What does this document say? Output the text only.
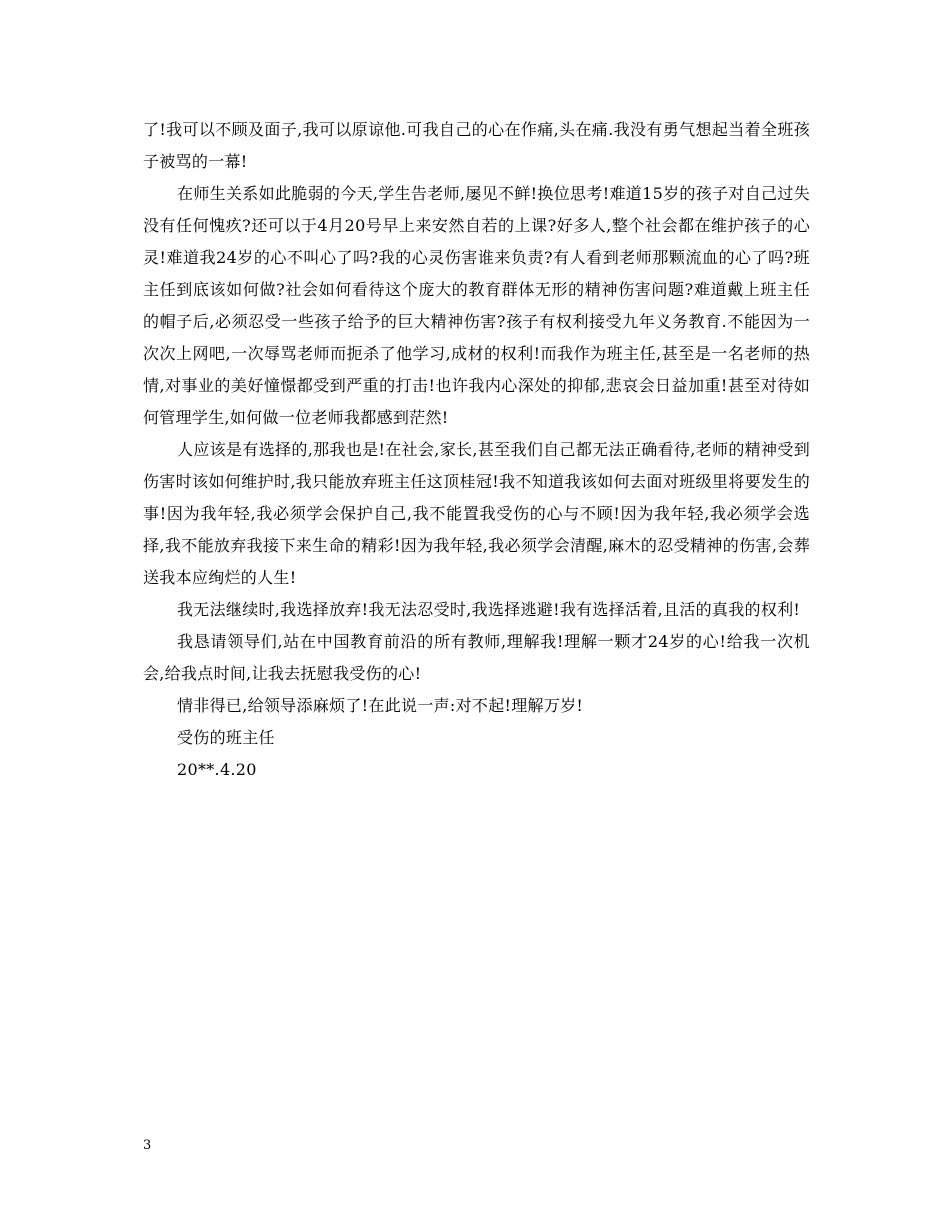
了!我可以不顾及面子,我可以原谅他.可我自己的心在作痛,头在痛.我没有勇气想起当着全班孩子被骂的一幕!

在师生关系如此脆弱的今天,学生告老师,屡见不鲜!换位思考!难道15岁的孩子对自己过失没有任何愧疚?还可以于4月20号早上来安然自若的上课?好多人,整个社会都在维护孩子的心灵!难道我24岁的心不叫心了吗?我的心灵伤害谁来负责?有人看到老师那颗流血的心了吗?班主任到底该如何做?社会如何看待这个庞大的教育群体无形的精神伤害问题?难道戴上班主任的帽子后,必须忍受一些孩子给予的巨大精神伤害?孩子有权利接受九年义务教育.不能因为一次次上网吧,一次辱骂老师而扼杀了他学习,成材的权利!而我作为班主任,甚至是一名老师的热情,对事业的美好憧憬都受到严重的打击!也许我内心深处的抑郁,悲哀会日益加重!甚至对待如何管理学生,如何做一位老师我都感到茫然!

人应该是有选择的,那我也是!在社会,家长,甚至我们自己都无法正确看待,老师的精神受到伤害时该如何维护时,我只能放弃班主任这顶桂冠!我不知道我该如何去面对班级里将要发生的事!因为我年轻,我必须学会保护自己,我不能置我受伤的心与不顾!因为我年轻,我必须学会选择,我不能放弃我接下来生命的精彩!因为我年轻,我必须学会清醒,麻木的忍受精神的伤害,会葬送我本应绚烂的人生!

我无法继续时,我选择放弃!我无法忍受时,我选择逃避!我有选择活着,且活的真我的权利!

我恳请领导们,站在中国教育前沿的所有教师,理解我!理解一颗才24岁的心!给我一次机会,给我点时间,让我去抚慰我受伤的心!

情非得已,给领导添麻烦了!在此说一声:对不起!理解万岁!

受伤的班主任

20**.4.20

3
